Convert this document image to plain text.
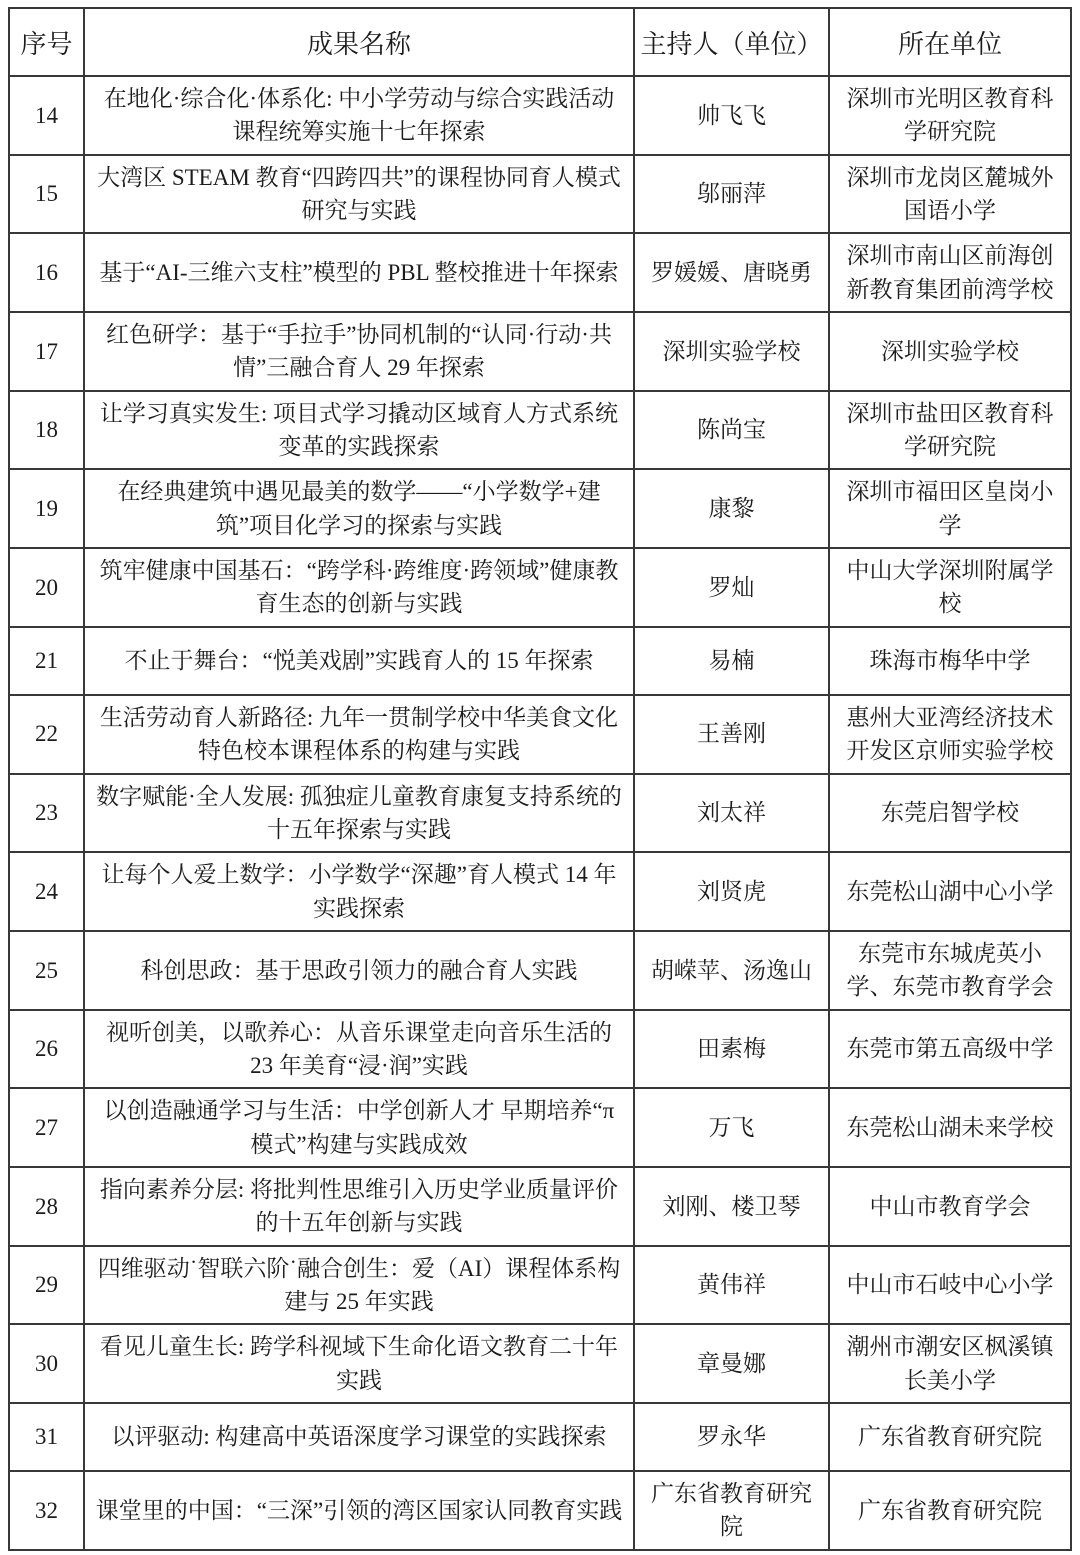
序号	成果名称	主持人（单位）	所在单位
14	在地化·综合化·体系化: 中小学劳动与综合实践活动课程统筹实施十七年探索	帅飞飞	深圳市光明区教育科学研究院
15	大湾区 STEAM 教育“四跨四共”的课程协同育人模式研究与实践	邬丽萍	深圳市龙岗区麓城外国语小学
16	基于“AI-三维六支柱”模型的 PBL 整校推进十年探索	罗媛媛、唐晓勇	深圳市南山区前海创新教育集团前湾学校
17	红色研学：基于“手拉手”协同机制的“认同·行动·共情”三融合育人 29 年探索	深圳实验学校	深圳实验学校
18	让学习真实发生: 项目式学习撬动区域育人方式系统变革的实践探索	陈尚宝	深圳市盐田区教育科学研究院
19	在经典建筑中遇见最美的数学——“小学数学+建筑”项目化学习的探索与实践	康黎	深圳市福田区皇岗小学
20	筑牢健康中国基石：“跨学科·跨维度·跨领域”健康教育生态的创新与实践	罗灿	中山大学深圳附属学校
21	不止于舞台：“悦美戏剧”实践育人的 15 年探索	易楠	珠海市梅华中学
22	生活劳动育人新路径: 九年一贯制学校中华美食文化特色校本课程体系的构建与实践	王善刚	惠州大亚湾经济技术开发区京师实验学校
23	数字赋能·全人发展: 孤独症儿童教育康复支持系统的十五年探索与实践	刘太祥	东莞启智学校
24	让每个人爱上数学：小学数学“深趣”育人模式 14 年实践探索	刘贤虎	东莞松山湖中心小学
25	科创思政：基于思政引领力的融合育人实践	胡嵘苹、汤逸山	东莞市东城虎英小学、东莞市教育学会
26	视听创美，以歌养心：从音乐课堂走向音乐生活的 23 年美育“浸·润”实践	田素梅	东莞市第五高级中学
27	以创造融通学习与生活：中学创新人才 早期培养“π模式”构建与实践成效	万飞	东莞松山湖未来学校
28	指向素养分层: 将批判性思维引入历史学业质量评价的十五年创新与实践	刘刚、楼卫琴	中山市教育学会
29	四维驱动˙智联六阶˙融合创生：爱（AI）课程体系构建与 25 年实践	黄伟祥	中山市石岐中心小学
30	看见儿童生长: 跨学科视域下生命化语文教育二十年实践	章曼娜	潮州市潮安区枫溪镇长美小学
31	以评驱动: 构建高中英语深度学习课堂的实践探索	罗永华	广东省教育研究院
32	课堂里的中国：“三深”引领的湾区国家认同教育实践	广东省教育研究院	广东省教育研究院
